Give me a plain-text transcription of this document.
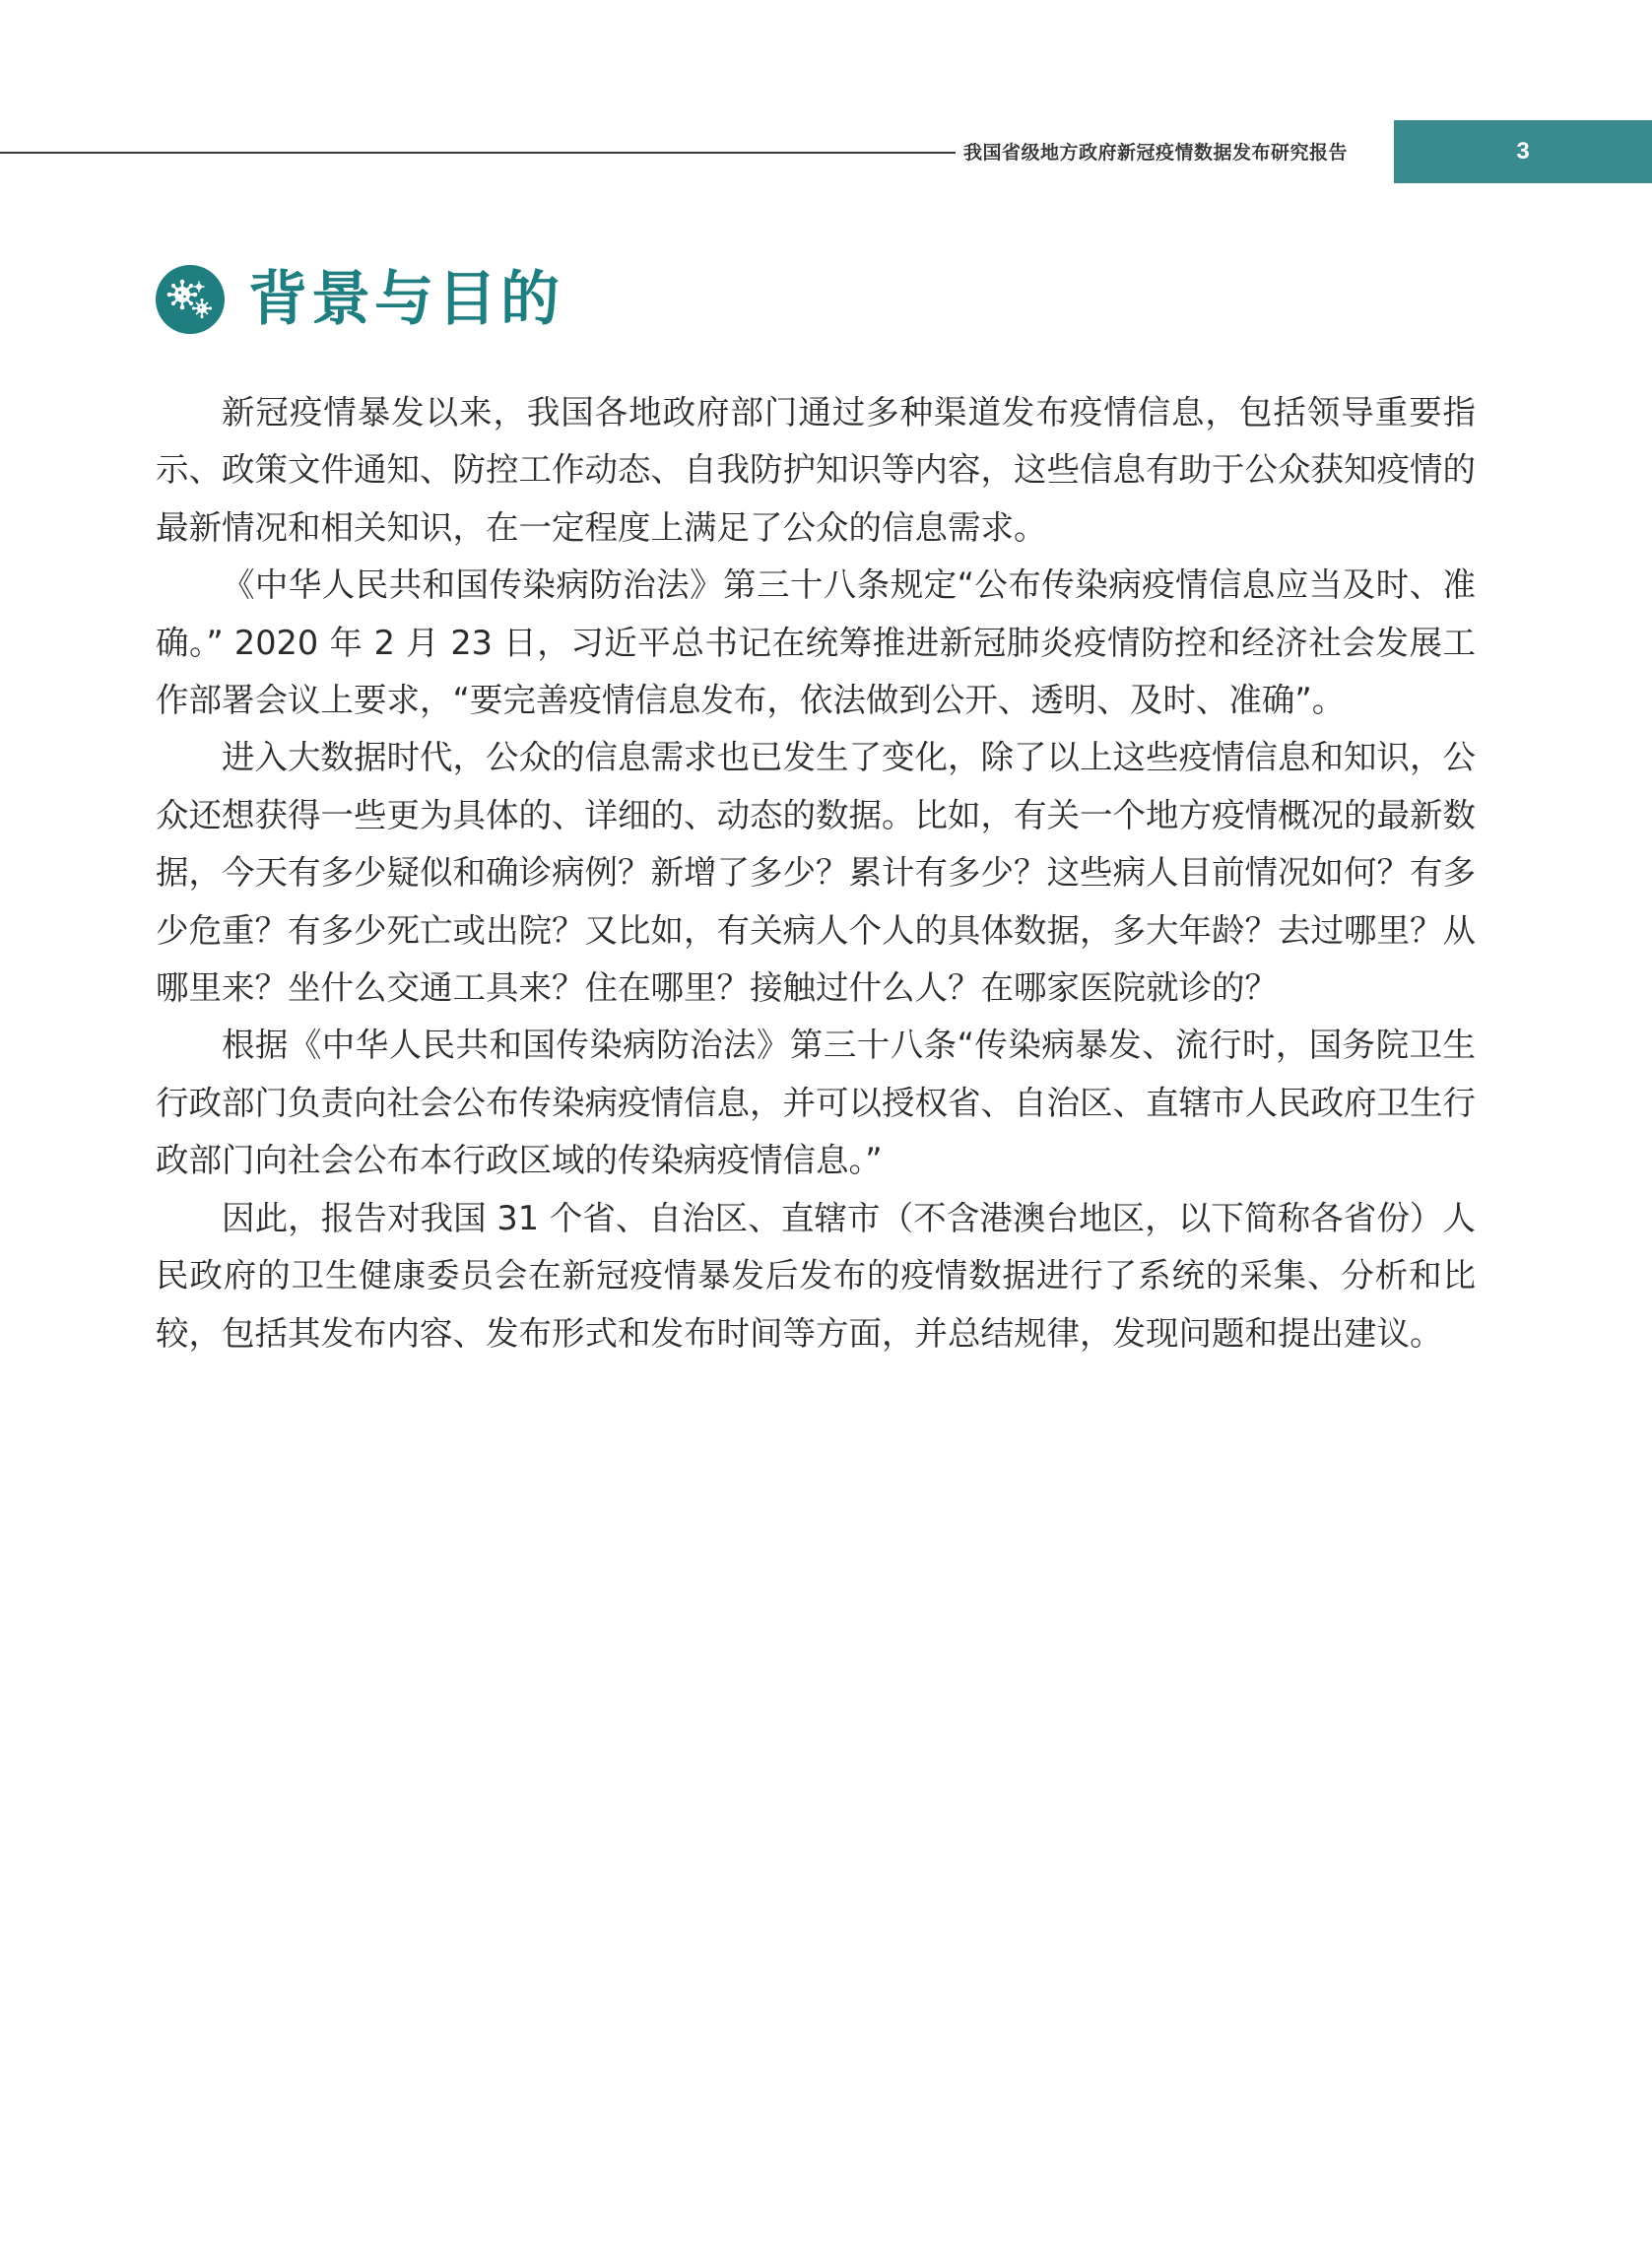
我国省级地方政府新冠疫情数据发布研究报告	3
背景与目的

新冠疫情暴发以来，我国各地政府部门通过多种渠道发布疫情信息，包括领导重要指示、政策文件通知、防控工作动态、自我防护知识等内容，这些信息有助于公众获知疫情的最新情况和相关知识，在一定程度上满足了公众的信息需求。

《中华人民共和国传染病防治法》第三十八条规定“公布传染病疫情信息应当及时、准确。” 2020 年 2 月 23 日，习近平总书记在统筹推进新冠肺炎疫情防控和经济社会发展工作部署会议上要求，“要完善疫情信息发布，依法做到公开、透明、及时、准确”。

进入大数据时代，公众的信息需求也已发生了变化，除了以上这些疫情信息和知识，公众还想获得一些更为具体的、详细的、动态的数据。比如，有关一个地方疫情概况的最新数据，今天有多少疑似和确诊病例？新增了多少？累计有多少？这些病人目前情况如何？有多少危重？有多少死亡或出院？又比如，有关病人个人的具体数据，多大年龄？去过哪里？从哪里来？坐什么交通工具来？住在哪里？接触过什么人？在哪家医院就诊的？

根据《中华人民共和国传染病防治法》第三十八条“传染病暴发、流行时，国务院卫生行政部门负责向社会公布传染病疫情信息，并可以授权省、自治区、直辖市人民政府卫生行政部门向社会公布本行政区域的传染病疫情信息。”

因此，报告对我国 31 个省、自治区、直辖市（不含港澳台地区，以下简称各省份）人民政府的卫生健康委员会在新冠疫情暴发后发布的疫情数据进行了系统的采集、分析和比较，包括其发布内容、发布形式和发布时间等方面，并总结规律，发现问题和提出建议。
